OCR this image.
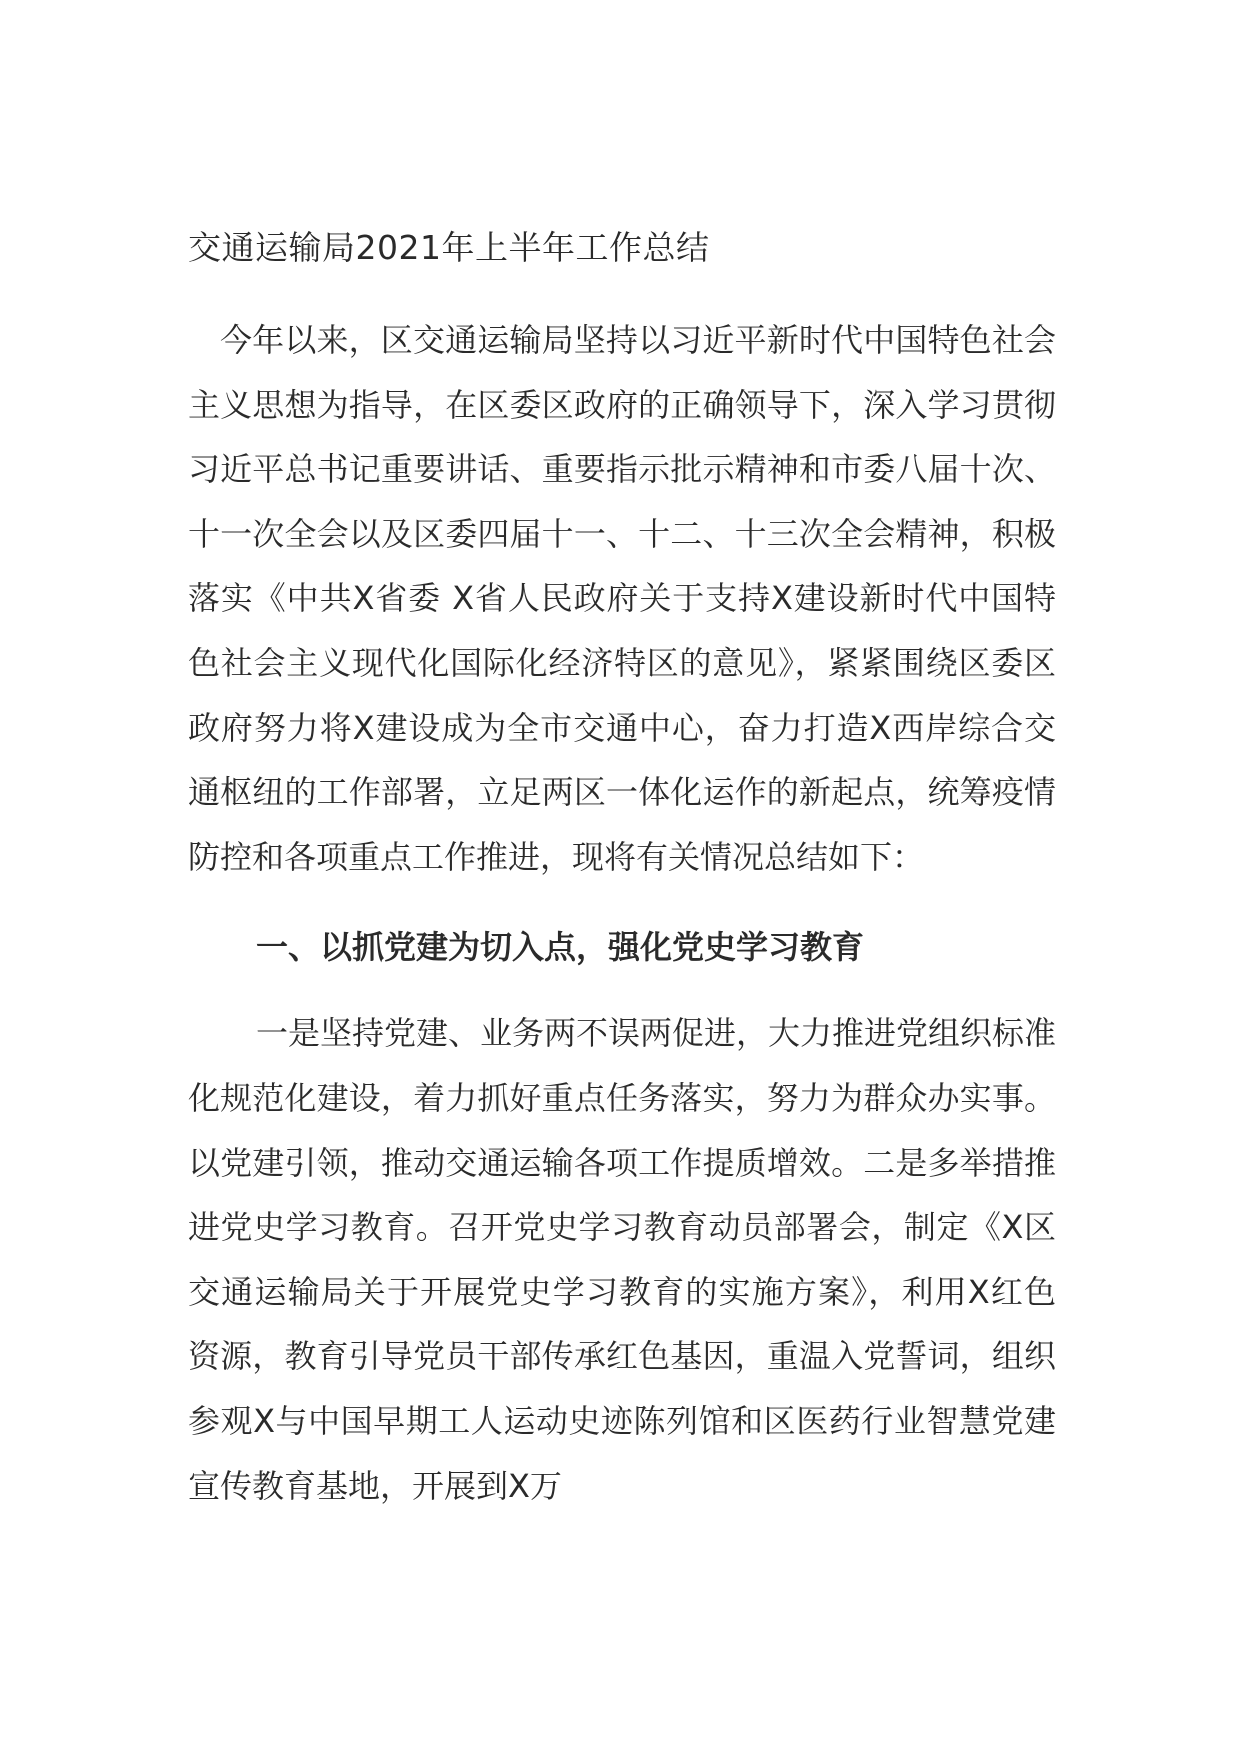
交通运输局2021年上半年工作总结

今年以来，区交通运输局坚持以习近平新时代中国特色社会主义思想为指导，在区委区政府的正确领导下，深入学习贯彻习近平总书记重要讲话、重要指示批示精神和市委八届十次、十一次全会以及区委四届十一、十二、十三次全会精神，积极落实《中共X省委 X省人民政府关于支持X建设新时代中国特色社会主义现代化国际化经济特区的意见》，紧紧围绕区委区政府努力将X建设成为全市交通中心，奋力打造X西岸综合交通枢纽的工作部署，立足两区一体化运作的新起点，统筹疫情防控和各项重点工作推进，现将有关情况总结如下：

一、以抓党建为切入点，强化党史学习教育

一是坚持党建、业务两不误两促进，大力推进党组织标准化规范化建设，着力抓好重点任务落实，努力为群众办实事。以党建引领，推动交通运输各项工作提质增效。二是多举措推进党史学习教育。召开党史学习教育动员部署会，制定《X区交通运输局关于开展党史学习教育的实施方案》，利用X红色资源，教育引导党员干部传承红色基因，重温入党誓词，组织参观X与中国早期工人运动史迹陈列馆和区医药行业智慧党建宣传教育基地，开展到X万
